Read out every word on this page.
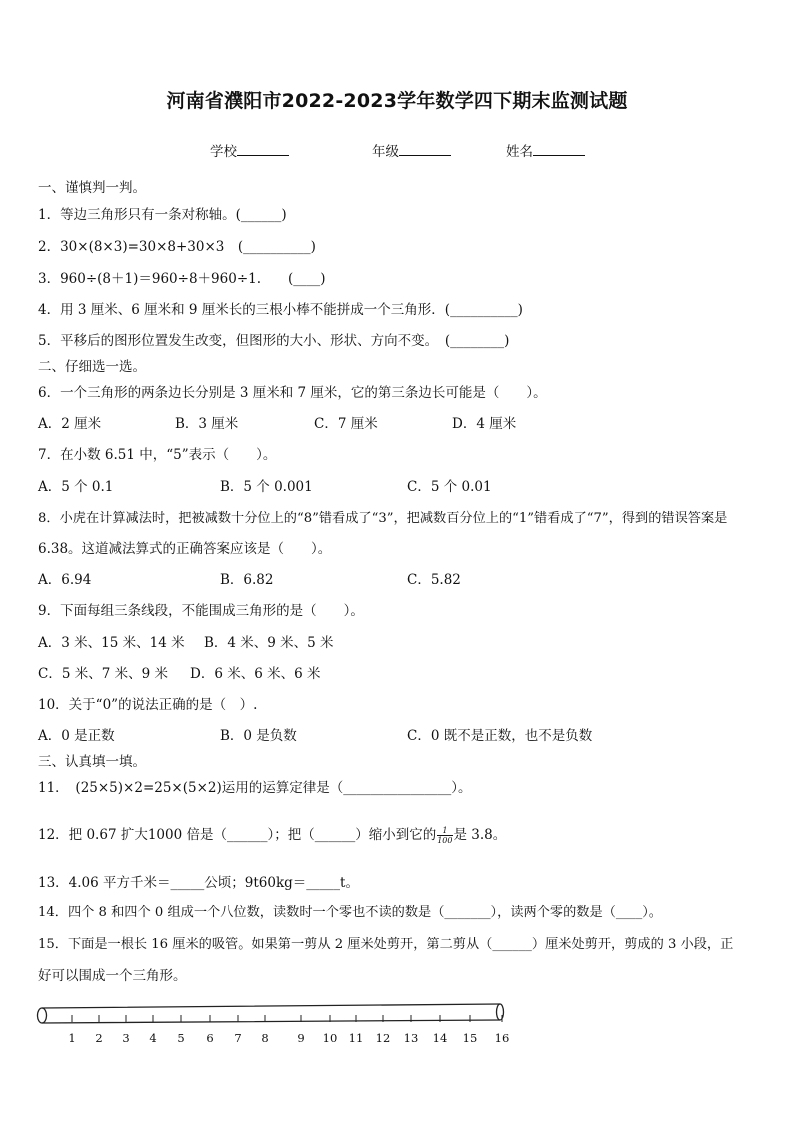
河南省濮阳市2022-2023学年数学四下期末监测试题
学校	年级	姓名
一、谨慎判一判。
1．等边三角形只有一条对称轴。(______)
2．30×(8×3)=30×8+30×3　(__________)
3．960÷(8＋1)＝960÷8＋960÷1.　　(____)
4．用 3 厘米、6 厘米和 9 厘米长的三根小棒不能拼成一个三角形．(__________)
5．平移后的图形位置发生改变，但图形的大小、形状、方向不变。　(________)
二、仔细选一选。
6．一个三角形的两条边长分别是 3 厘米和 7 厘米，它的第三条边长可能是（　　）。
A．2 厘米	B．3 厘米	C．7 厘米	D．4 厘米
7．在小数 6.51 中，“5”表示（　　）。
A．5 个 0.1	B．5 个 0.001	C．5 个 0.01
8．小虎在计算减法时，把被减数十分位上的“8”错看成了“3”，把减数百分位上的“1”错看成了“7”，得到的错误答案是
6.38。这道减法算式的正确答案应该是（　　）。
A．6.94	B．6.82	C．5.82
9．下面每组三条线段，不能围成三角形的是（　　）。
A．3 米、15 米、14 米 B．4 米、9 米、5 米
C．5 米、7 米、9 米 D．6 米、6 米、6 米
10．关于“0”的说法正确的是（　）.
A．0 是正数	B．0 是负数	C．0 既不是正数，也不是负数
三、认真填一填。
11．　(25×5)×2=25×(5×2)运用的运算定律是（________________）。
12．把 0.67 扩大1000 倍是（______）；把（______）缩小到它的 $\frac{1}{100}$ 是 3.8。
13．4.06 平方千米＝_____公顷；9t60kg＝_____t。
14．四个 8 和四个 0 组成一个八位数，读数时一个零也不读的数是（_______），读两个零的数是（____）。
15．下面是一根长 16 厘米的吸管。如果第一剪从 2 厘米处剪开，第二剪从（______）厘米处剪开，剪成的 3 小段，正
好可以围成一个三角形。
1 2 3 4 5 6 7 8 9 10 11 12 13 14 15 16
